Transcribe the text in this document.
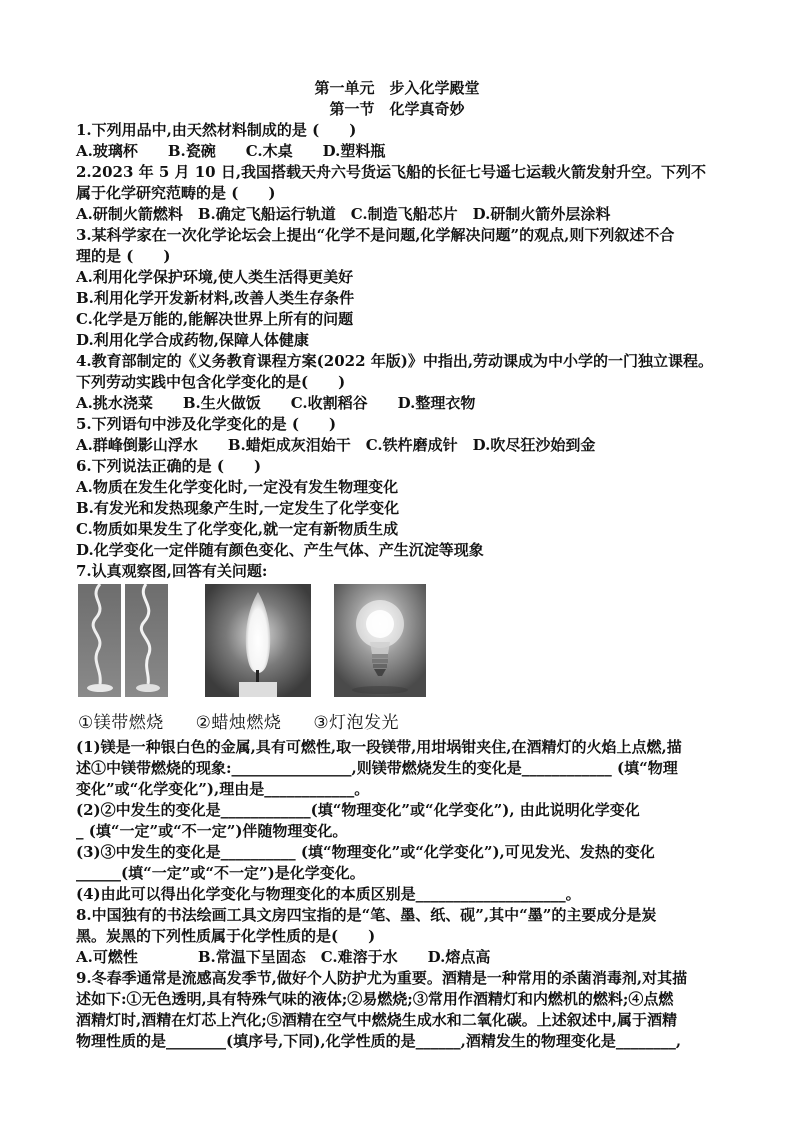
第一单元　步入化学殿堂
第一节　化学真奇妙
1.下列用品中,由天然材料制成的是 (　　)
A.玻璃杯　　B.瓷碗　　C.木桌　　D.塑料瓶
2.2023 年 5 月 10 日,我国搭载天舟六号货运飞船的长征七号遥七运载火箭发射升空。下列不
属于化学研究范畴的是 (　　)
A.研制火箭燃料　B.确定飞船运行轨道　C.制造飞船芯片　D.研制火箭外层涂料
3.某科学家在一次化学论坛会上提出“化学不是问题,化学解决问题”的观点,则下列叙述不合
理的是 (　　)
A.利用化学保护环境,使人类生活得更美好
B.利用化学开发新材料,改善人类生存条件
C.化学是万能的,能解决世界上所有的问题
D.利用化学合成药物,保障人体健康
4.教育部制定的《义务教育课程方案(2022 年版)》中指出,劳动课成为中小学的一门独立课程。
下列劳动实践中包含化学变化的是(　　)
A.挑水浇菜　　B.生火做饭　　C.收割稻谷　　D.整理衣物
5.下列语句中涉及化学变化的是 (　　)
A.群峰倒影山浮水　　B.蜡炬成灰泪始干　C.铁杵磨成针　D.吹尽狂沙始到金
6.下列说法正确的是 (　　)
A.物质在发生化学变化时,一定没有发生物理变化
B.有发光和发热现象产生时,一定发生了化学变化
C.物质如果发生了化学变化,就一定有新物质生成
D.化学变化一定伴随有颜色变化、产生气体、产生沉淀等现象
7.认真观察图,回答有关问题:
①镁带燃烧 ②蜡烛燃烧 ③灯泡发光
(1)镁是一种银白色的金属,具有可燃性,取一段镁带,用坩埚钳夹住,在酒精灯的火焰上点燃,描
述①中镁带燃烧的现象:________________,则镁带燃烧发生的变化是____________ (填“物理
变化”或“化学变化”),理由是____________。
(2)②中发生的变化是____________(填“物理变化”或“化学变化”), 由此说明化学变化
_ (填“一定”或“不一定”)伴随物理变化。
(3)③中发生的变化是__________ (填“物理变化”或“化学变化”),可见发光、发热的变化
______(填“一定”或“不一定”)是化学变化。
(4)由此可以得出化学变化与物理变化的本质区别是____________________。
8.中国独有的书法绘画工具文房四宝指的是“笔、墨、纸、砚”,其中“墨”的主要成分是炭
黑。炭黑的下列性质属于化学性质的是(　　)
A.可燃性　　　　B.常温下呈固态　C.难溶于水　　D.熔点高
9.冬春季通常是流感高发季节,做好个人防护尤为重要。酒精是一种常用的杀菌消毒剂,对其描
述如下:①无色透明,具有特殊气味的液体;②易燃烧;③常用作酒精灯和内燃机的燃料;④点燃
酒精灯时,酒精在灯芯上汽化;⑤酒精在空气中燃烧生成水和二氧化碳。上述叙述中,属于酒精
物理性质的是________(填序号,下同),化学性质的是______,酒精发生的物理变化是________,
